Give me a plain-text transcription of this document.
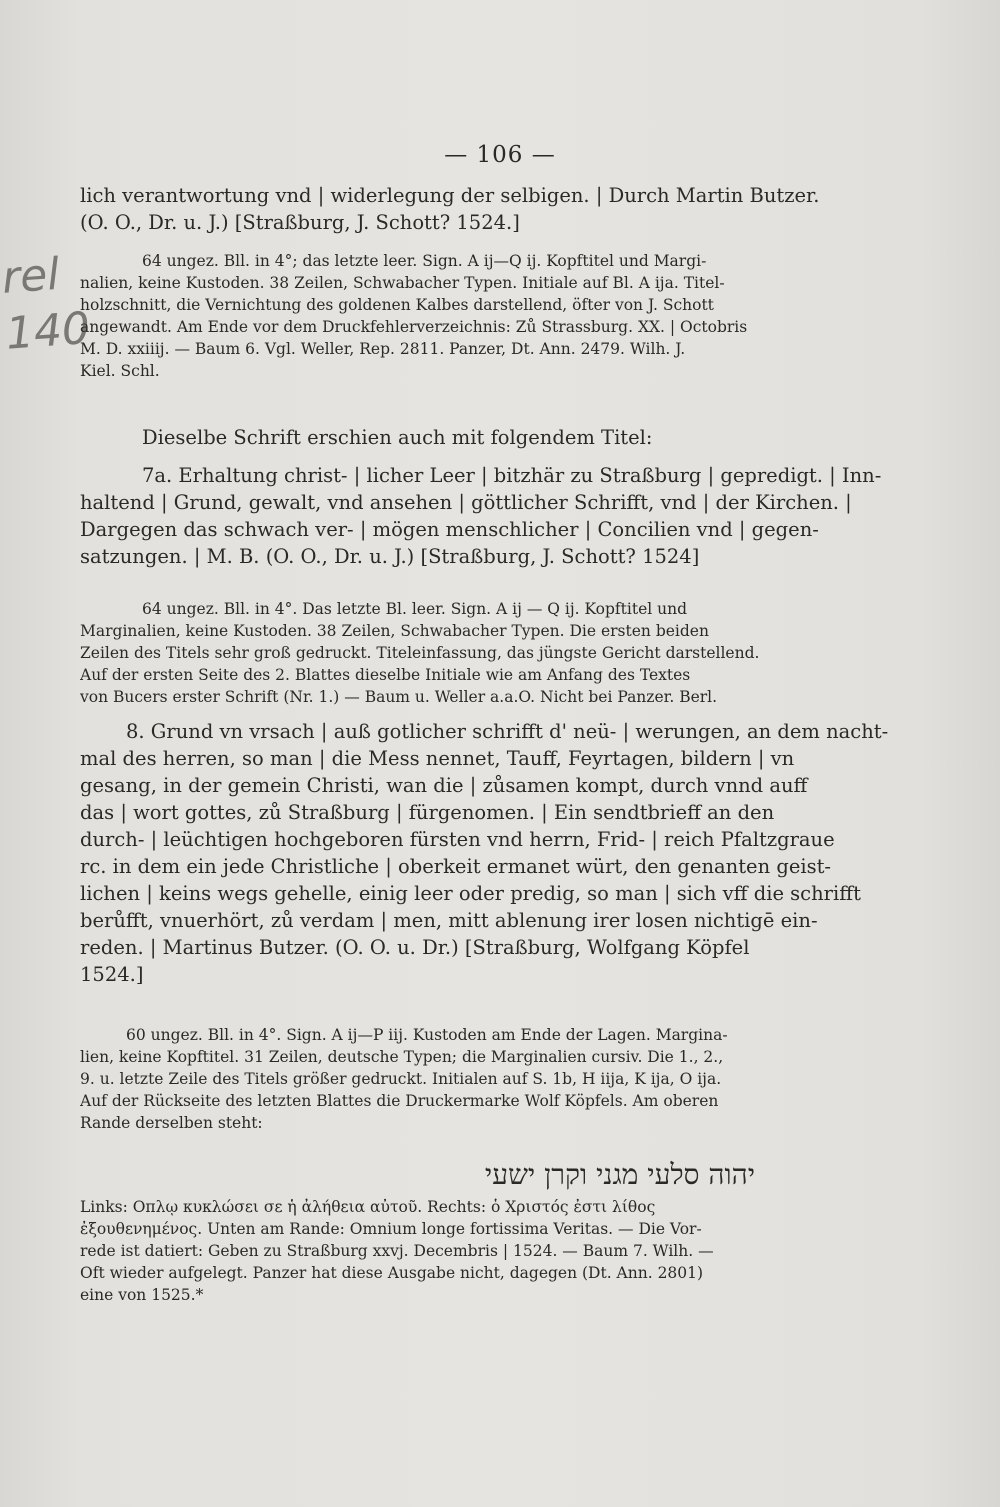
rel
140
— 106 —
lich verantwortung vnd | widerlegung der selbigen. | Durch Martin Butzer.
(O. O., Dr. u. J.) [Straßburg, J. Schott? 1524.]
64 ungez. Bll. in 4°; das letzte leer. Sign. A ij—Q ij. Kopftitel und Margi-
nalien, keine Kustoden. 38 Zeilen, Schwabacher Typen. Initiale auf Bl. A ija. Titel-
holzschnitt, die Vernichtung des goldenen Kalbes darstellend, öfter von J. Schott
angewandt. Am Ende vor dem Druckfehlerverzeichnis: Zů Strassburg. XX. | Octobris
M. D. xxiiij. — Baum 6. Vgl. Weller, Rep. 2811. Panzer, Dt. Ann. 2479. Wilh. J.
Kiel. Schl.
Dieselbe Schrift erschien auch mit folgendem Titel:
7a. Erhaltung christ- | licher Leer | bitzhär zu Straßburg | gepredigt. | Inn-
haltend | Grund, gewalt, vnd ansehen | göttlicher Schrifft, vnd | der Kirchen. |
Dargegen das schwach ver- | mögen menschlicher | Concilien vnd | gegen-
satzungen. | M. B. (O. O., Dr. u. J.) [Straßburg, J. Schott? 1524]
64 ungez. Bll. in 4°. Das letzte Bl. leer. Sign. A ij — Q ij. Kopftitel und
Marginalien, keine Kustoden. 38 Zeilen, Schwabacher Typen. Die ersten beiden
Zeilen des Titels sehr groß gedruckt. Titeleinfassung, das jüngste Gericht darstellend.
Auf der ersten Seite des 2. Blattes dieselbe Initiale wie am Anfang des Textes
von Bucers erster Schrift (Nr. 1.) — Baum u. Weller a.a.O. Nicht bei Panzer. Berl.
8. Grund vn vrsach | auß gotlicher schrifft d' neü- | werungen, an dem nacht-
mal des herren, so man | die Mess nennet, Tauff, Feyrtagen, bildern | vn
gesang, in der gemein Christi, wan die | zůsamen kompt, durch vnnd auff
das | wort gottes, zů Straßburg | fürgenomen. | Ein sendtbrieff an den
durch- | leüchtigen hochgeboren fürsten vnd herrn, Frid- | reich Pfaltzgraue
rc. in dem ein jede Christliche | oberkeit ermanet würt, den genanten geist-
lichen | keins wegs gehelle, einig leer oder predig, so man | sich vff die schrifft
berůfft, vnuerhört, zů verdam | men, mitt ablenung irer losen nichtigē ein-
reden. | Martinus Butzer. (O. O. u. Dr.) [Straßburg, Wolfgang Köpfel
1524.]
60 ungez. Bll. in 4°. Sign. A ij—P iij. Kustoden am Ende der Lagen. Margina-
lien, keine Kopftitel. 31 Zeilen, deutsche Typen; die Marginalien cursiv. Die 1., 2.,
9. u. letzte Zeile des Titels größer gedruckt. Initialen auf S. 1b, H iija, K ija, O ija.
Auf der Rückseite des letzten Blattes die Druckermarke Wolf Köpfels. Am oberen
Rande derselben steht:
יהוה סלעי מגני וקרן ישעי
Links: Οπλῳ κυκλώσει σε ἡ ἀλήθεια αὐτοῦ. Rechts: ὁ Χριστός ἐστι λίθος
ἐξουθενημένος. Unten am Rande: Omnium longe fortissima Veritas. — Die Vor-
rede ist datiert: Geben zu Straßburg xxvj. Decembris | 1524. — Baum 7. Wilh. —
Oft wieder aufgelegt. Panzer hat diese Ausgabe nicht, dagegen (Dt. Ann. 2801)
eine von 1525.*
